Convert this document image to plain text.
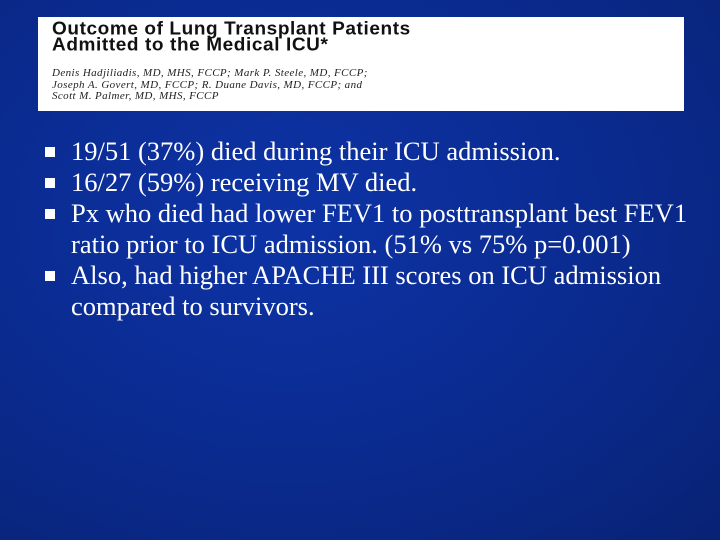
Outcome of Lung Transplant Patients
Admitted to the Medical ICU*
Denis Hadjiliadis, MD, MHS, FCCP; Mark P. Steele, MD, FCCP;
Joseph A. Govert, MD, FCCP; R. Duane Davis, MD, FCCP; and
Scott M. Palmer, MD, MHS, FCCP
19/51 (37%) died during their ICU admission.
16/27 (59%) receiving MV died.
Px who died had lower FEV1 to posttransplant best FEV1 ratio prior to ICU admission. (51% vs 75% p=0.001)
Also, had higher APACHE III scores on ICU admission compared to survivors.
